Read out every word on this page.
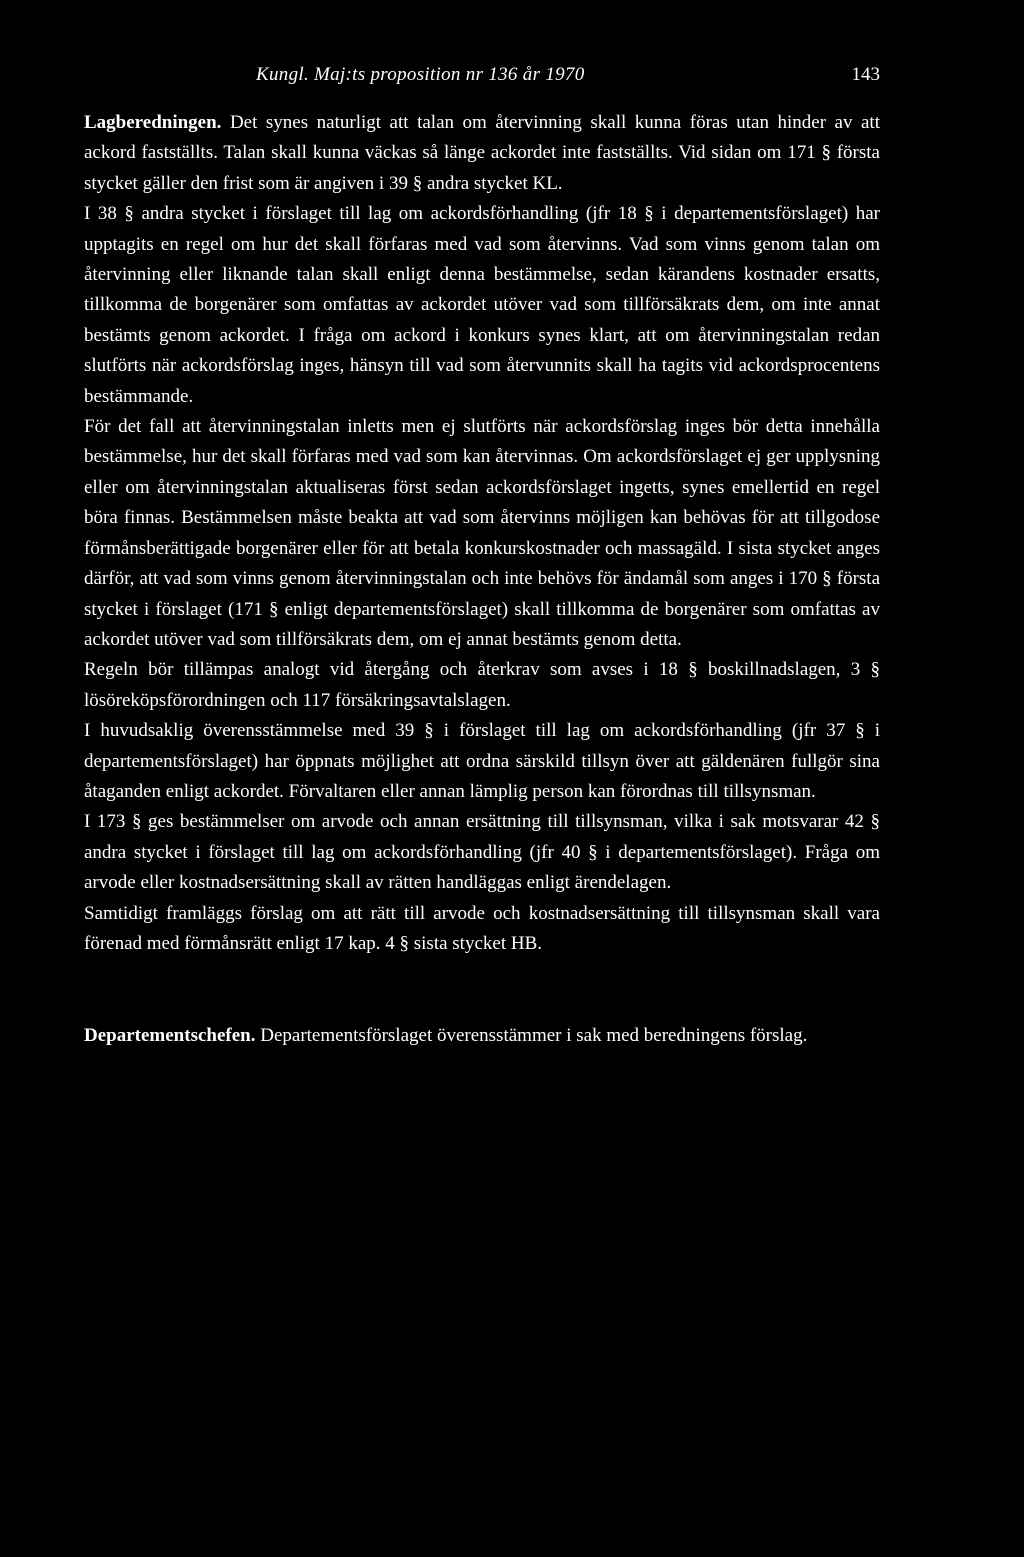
Kungl. Maj:ts proposition nr 136 år 1970	143

Lagberedningen. Det synes naturligt att talan om återvinning skall kunna föras utan hinder av att ackord fastställts. Talan skall kunna väckas så länge ackordet inte fastställts. Vid sidan om 171 § första stycket gäller den frist som är angiven i 39 § andra stycket KL.

I 38 § andra stycket i förslaget till lag om ackordsförhandling (jfr 18 § i departementsförslaget) har upptagits en regel om hur det skall förfaras med vad som återvinns. Vad som vinns genom talan om återvinning eller liknande talan skall enligt denna bestämmelse, sedan kärandens kostnader ersatts, tillkomma de borgenärer som omfattas av ackordet utöver vad som tillförsäkrats dem, om inte annat bestämts genom ackordet. I fråga om ackord i konkurs synes klart, att om återvinningstalan redan slutförts när ackordsförslag inges, hänsyn till vad som återvunnits skall ha tagits vid ackordsprocentens bestämmande.

För det fall att återvinningstalan inletts men ej slutförts när ackordsförslag inges bör detta innehålla bestämmelse, hur det skall förfaras med vad som kan återvinnas. Om ackordsförslaget ej ger upplysning eller om återvinningstalan aktualiseras först sedan ackordsförslaget ingetts, synes emellertid en regel böra finnas. Bestämmelsen måste beakta att vad som återvinns möjligen kan behövas för att tillgodose förmånsberättigade borgenärer eller för att betala konkurskostnader och massagäld. I sista stycket anges därför, att vad som vinns genom återvinningstalan och inte behövs för ändamål som anges i 170 § första stycket i förslaget (171 § enligt departementsförslaget) skall tillkomma de borgenärer som omfattas av ackordet utöver vad som tillförsäkrats dem, om ej annat bestämts genom detta.

Regeln bör tillämpas analogt vid återgång och återkrav som avses i 18 § boskillnadslagen, 3 § lösöreköpsförordningen och 117 försäkringsavtalslagen.

I huvudsaklig överensstämmelse med 39 § i förslaget till lag om ackordsförhandling (jfr 37 § i departementsförslaget) har öppnats möjlighet att ordna särskild tillsyn över att gäldenären fullgör sina åtaganden enligt ackordet. Förvaltaren eller annan lämplig person kan förordnas till tillsynsman.

I 173 § ges bestämmelser om arvode och annan ersättning till tillsynsman, vilka i sak motsvarar 42 § andra stycket i förslaget till lag om ackordsförhandling (jfr 40 § i departementsförslaget). Fråga om arvode eller kostnadsersättning skall av rätten handläggas enligt ärendelagen.

Samtidigt framläggs förslag om att rätt till arvode och kostnadsersättning till tillsynsman skall vara förenad med förmånsrätt enligt 17 kap. 4 § sista stycket HB.

Departementschefen. Departementsförslaget överensstämmer i sak med beredningens förslag.
